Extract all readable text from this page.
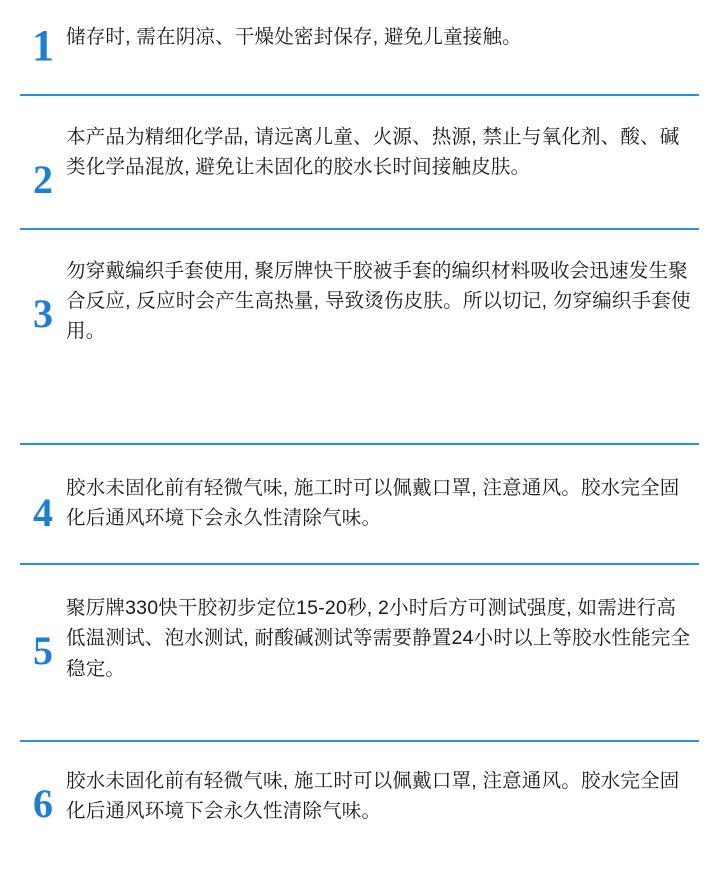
1 储存时, 需在阴凉、干燥处密封保存, 避免儿童接触。
2
本产品为精细化学品, 请远离儿童、火源、热源, 禁止与氧化剂、酸、碱类化学品混放, 避免让未固化的胶水长时间接触皮肤。
3
勿穿戴编织手套使用, 聚厉牌快干胶被手套的编织材料吸收会迅速发生聚合反应, 反应时会产生高热量, 导致烫伤皮肤。所以切记, 勿穿编织手套使用。
4
胶水未固化前有轻微气味, 施工时可以佩戴口罩, 注意通风。胶水完全固化后通风环境下会永久性清除气味。
5
聚厉牌330快干胶初步定位15-20秒, 2小时后方可测试强度, 如需进行高低温测试、泡水测试, 耐酸碱测试等需要静置24小时以上等胶水性能完全稳定。
6 胶水未固化前有轻微气味, 施工时可以佩戴口罩, 注意通风。胶水完全固化后通风环境下会永久性清除气味。
